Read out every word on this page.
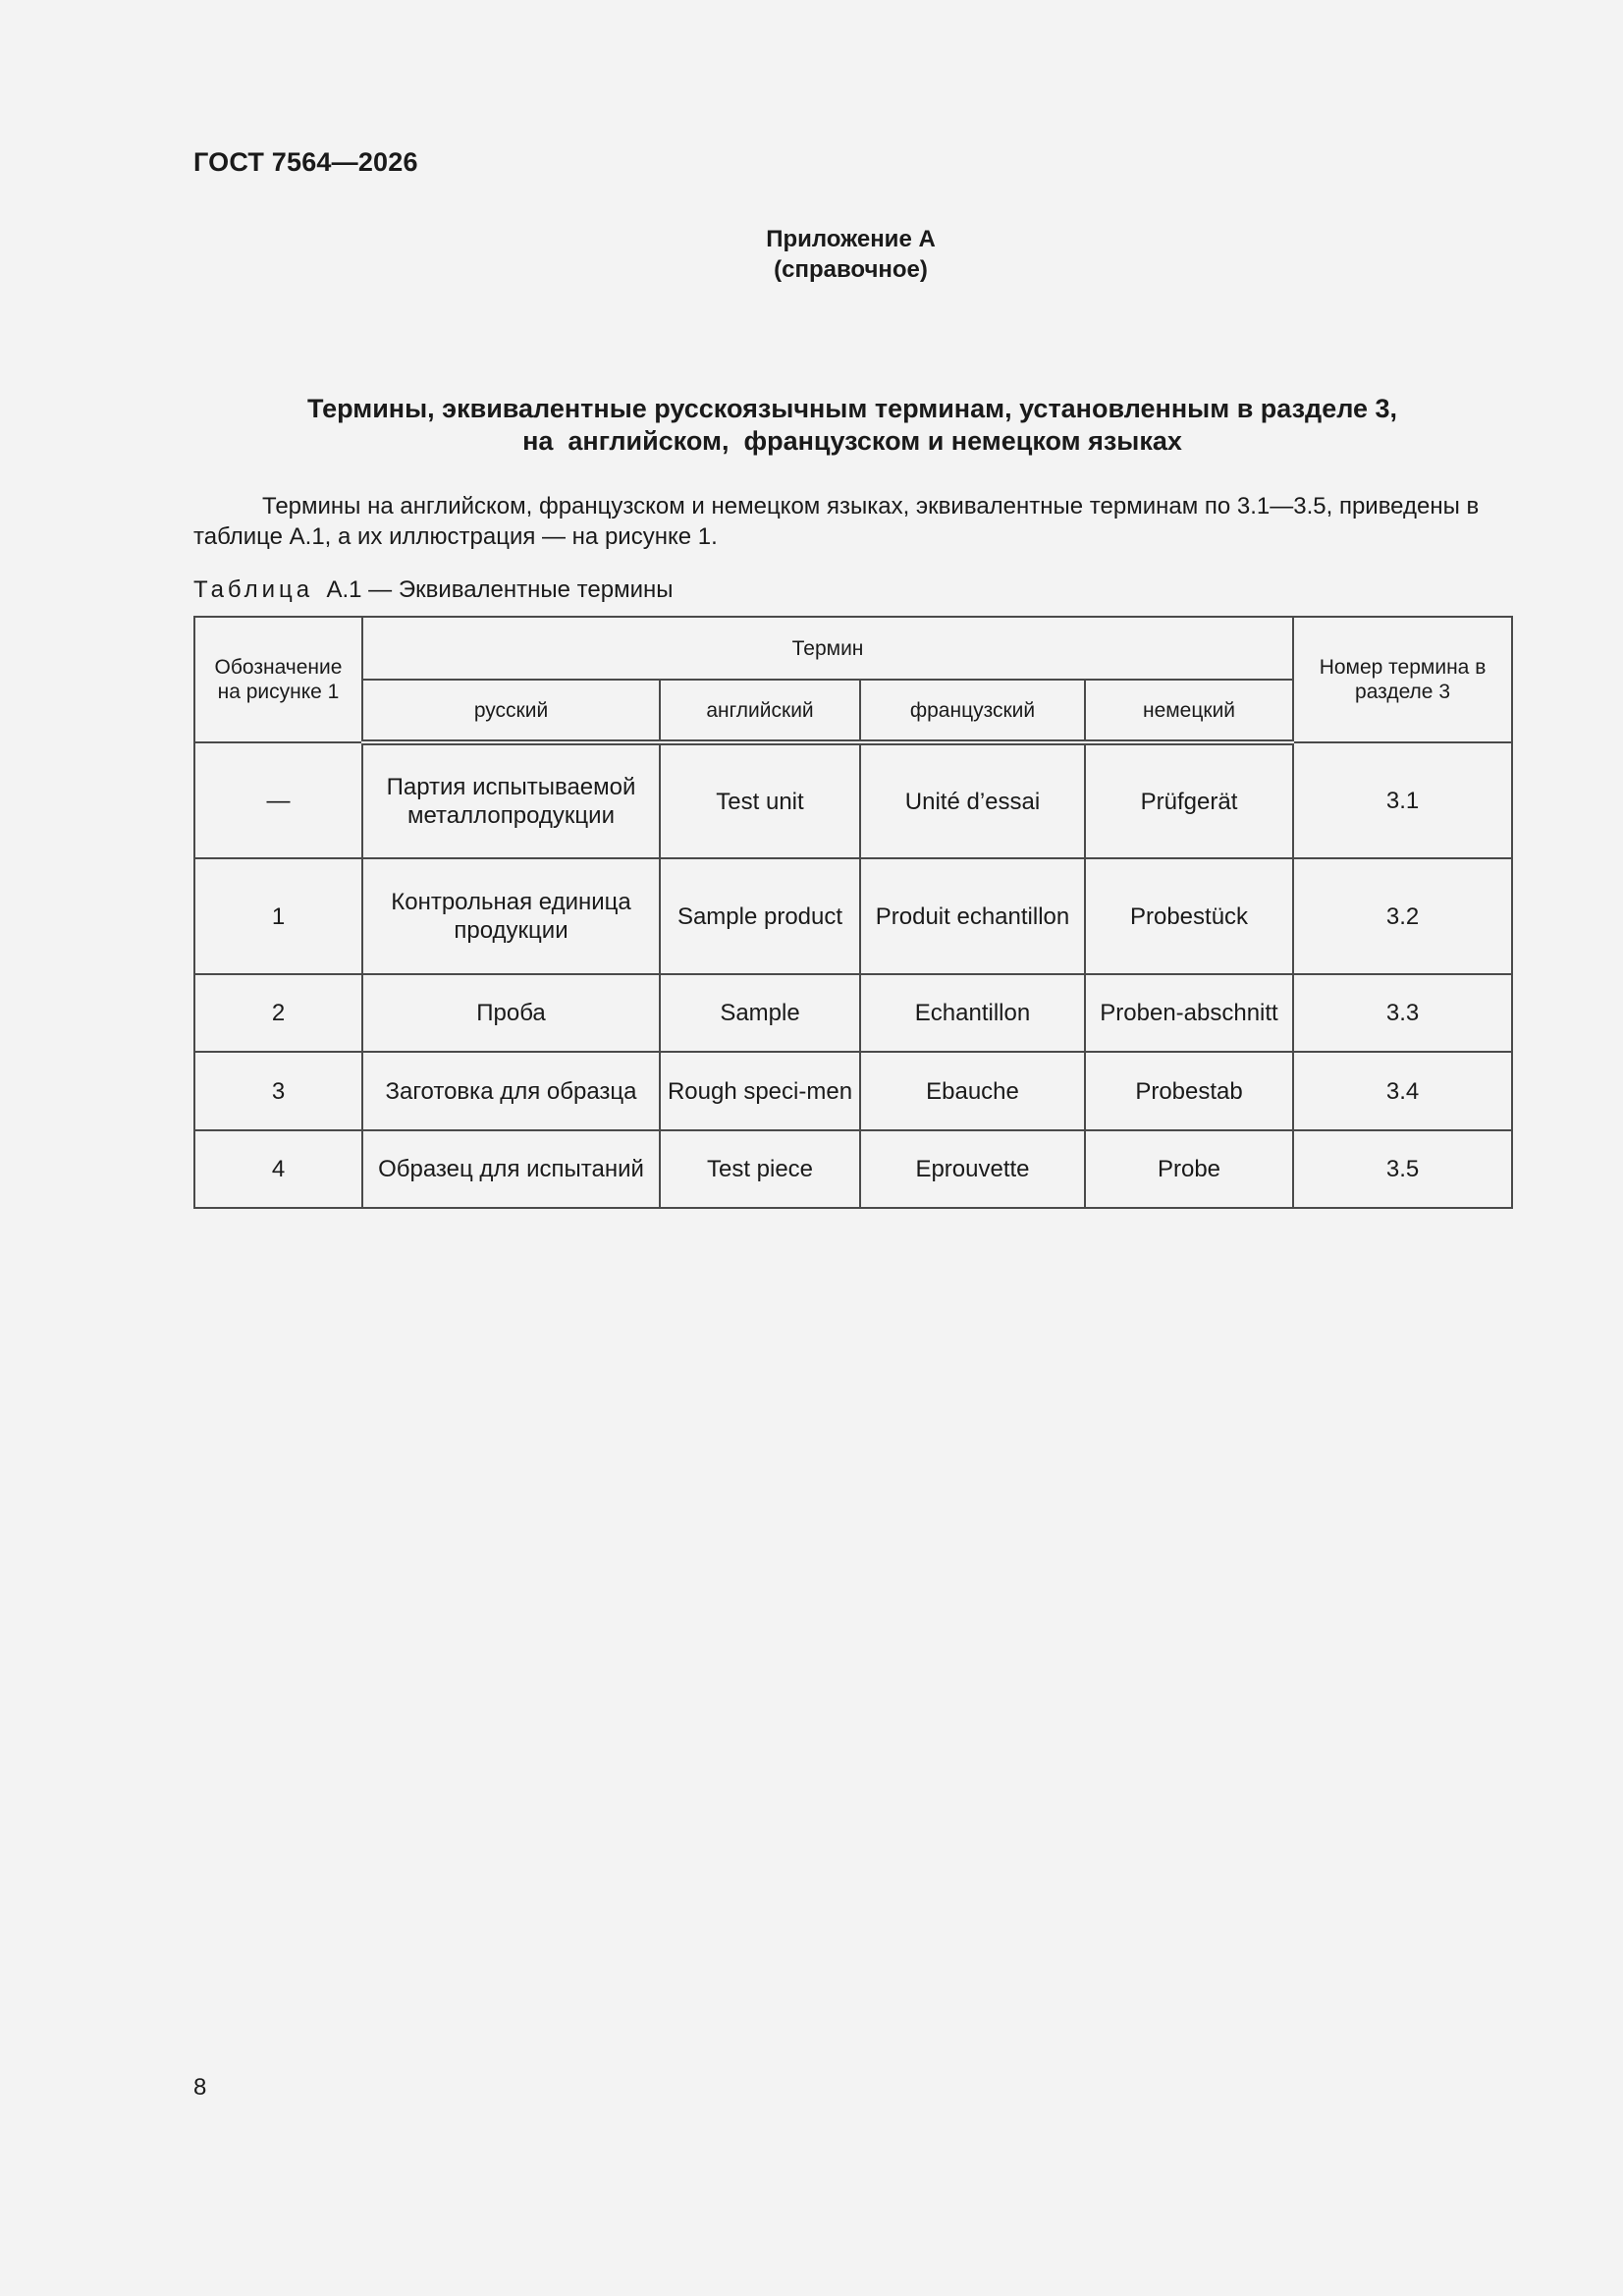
ГОСТ 7564—2026
Приложение А
(справочное)
Термины, эквивалентные русскоязычным терминам, установленным в разделе 3,
на  английском,  французском и немецком языках

Термины на английском, французском и немецком языках, эквивалентные терминам по 3.1—3.5, приведены в таблице А.1, а их иллюстрация — на рисунке 1.

Таблица А.1 — Эквивалентные термины
Обозначение на рисунке 1	Термин				Номер термина в разделе 3
	русский	английский	французский	немецкий	
—	Партия испытываемой металлопродукции	Test unit	Unité d’essai	Prüfgerät	3.1
1	Контрольная единица продукции	Sample product	Produit echantillon	Probestück	3.2
2	Проба	Sample	Echantillon	Proben-abschnitt	3.3
3	Заготовка для образца	Rough speci-men	Ebauche	Probestab	3.4
4	Образец для испытаний	Test piece	Eprouvette	Probe	3.5
8
